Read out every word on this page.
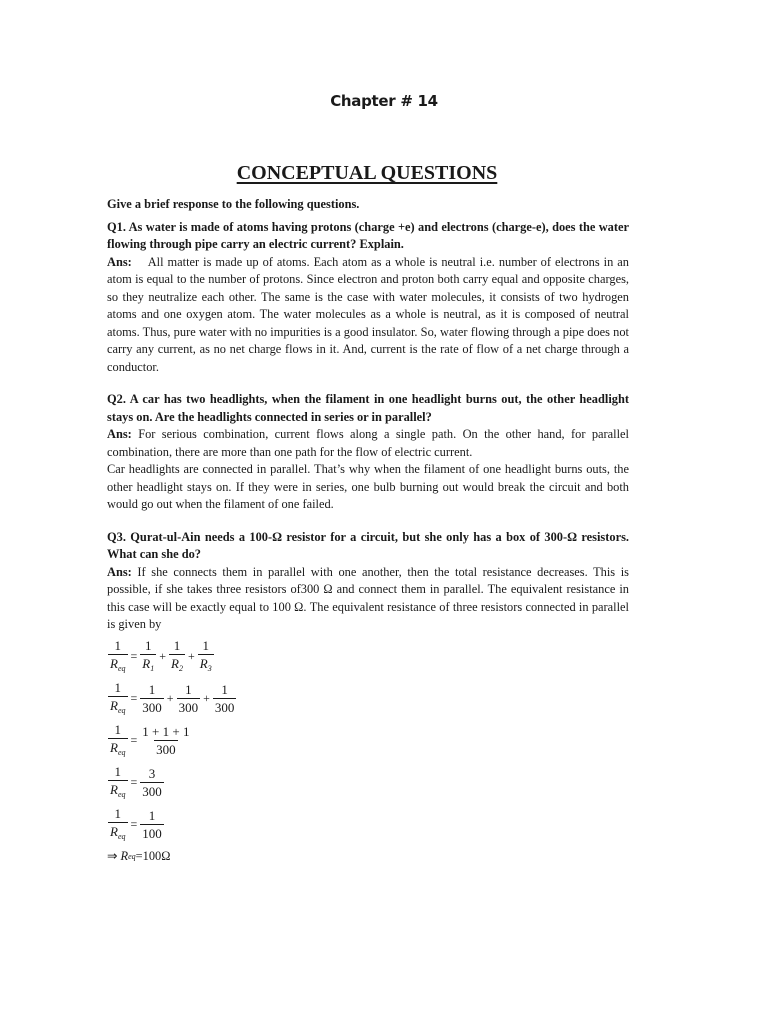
Chapter # 14
CONCEPTUAL QUESTIONS

Give a brief response to the following questions.

Q1. As water is made of atoms having protons (charge +e) and electrons (charge-e), does the water flowing through pipe carry an electric current? Explain.

Ans: All matter is made up of atoms. Each atom as a whole is neutral i.e. number of electrons in an atom is equal to the number of protons. Since electron and proton both carry equal and opposite charges, so they neutralize each other. The same is the case with water molecules, it consists of two hydrogen atoms and one oxygen atom. The water molecules as a whole is neutral, as it is composed of neutral atoms. Thus, pure water with no impurities is a good insulator. So, water flowing through a pipe does not carry any current, as no net charge flows in it. And, current is the rate of flow of a net charge through a conductor.

Q2. A car has two headlights, when the filament in one headlight burns out, the other headlight stays on. Are the headlights connected in series or in parallel?

Ans: For serious combination, current flows along a single path. On the other hand, for parallel combination, there are more than one path for the flow of electric current.

Car headlights are connected in parallel. That’s why when the filament of one headlight burns outs, the other headlight stays on. If they were in series, one bulb burning out would break the circuit and both would go out when the filament of one failed.

Q3. Qurat-ul-Ain needs a 100-Ω resistor for a circuit, but she only has a box of 300-Ω resistors. What can she do?

Ans: If she connects them in parallel with one another, then the total resistance decreases. This is possible, if she takes three resistors of300 Ω and connect them in parallel. The equivalent resistance in this case will be exactly equal to 100 Ω. The equivalent resistance of three resistors connected in parallel is given by

$\frac{1}{R_{eq}} = \frac{1}{R_1} + \frac{1}{R_2} + \frac{1}{R_3}$
$\frac{1}{R_{eq}} = \frac{1}{300} + \frac{1}{300} + \frac{1}{300}$
$\frac{1}{R_{eq}} = \frac{1 + 1 + 1}{300}$
$\frac{1}{R_{eq}} = \frac{3}{300}$
$\frac{1}{R_{eq}} = \frac{1}{100}$
⇒
R eq =100Ω
